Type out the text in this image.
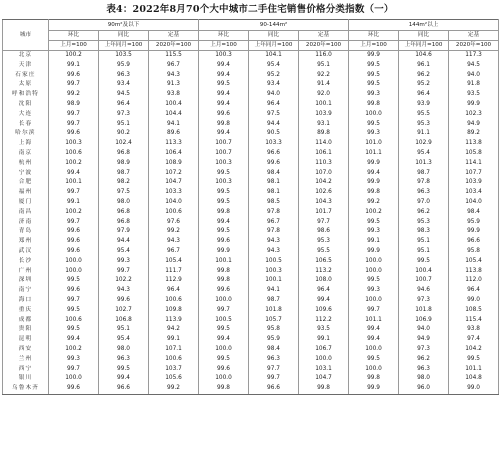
表4：2022年8月70个大中城市二手住宅销售价格分类指数（一）
城市	90m²及以下			90-144m²			144m²以上		
	环比	同比	定基	环比	同比	定基	环比	同比	定基
	上月=100	上年同月=100	2020年=100	上月=100	上年同月=100	2020年=100	上月=100	上年同月=100	2020年=100
北京	100.2	103.5	115.5	100.3	104.1	116.0	99.9	104.6	117.3
天津	99.1	95.9	96.7	99.4	95.4	95.1	99.5	96.1	94.5
石家庄	99.6	96.3	94.3	99.4	95.2	92.2	99.5	96.2	94.0
太原	99.7	93.4	91.3	99.5	93.4	91.4	99.5	95.2	91.8
呼和浩特	99.2	94.5	93.8	99.4	94.0	92.0	99.3	96.4	93.5
沈阳	98.9	96.4	100.4	99.4	96.4	100.1	99.8	93.9	99.9
大连	99.7	97.3	104.4	99.6	97.5	103.9	100.0	95.5	102.3
长春	99.7	95.1	94.1	99.8	94.4	93.1	99.5	95.3	94.9
哈尔滨	99.6	90.2	89.6	99.4	90.5	89.8	99.3	91.1	89.2
上海	100.3	102.4	113.3	100.7	103.3	114.0	101.0	102.9	113.8
南京	100.6	96.8	106.4	100.7	96.6	106.1	101.1	95.4	105.8
杭州	100.2	98.9	108.9	100.3	99.6	110.3	99.9	101.3	114.1
宁波	99.4	98.7	107.2	99.5	98.4	107.0	99.4	98.7	107.7
合肥	100.1	98.2	104.7	100.3	98.1	104.2	99.9	97.8	103.9
福州	99.7	97.5	103.3	99.5	98.1	102.6	99.8	96.3	103.4
厦门	99.1	98.0	104.0	99.5	98.5	104.3	99.2	97.0	104.0
南昌	100.2	96.8	100.6	99.8	97.8	101.7	100.2	96.2	98.4
济南	99.7	96.8	97.6	99.4	96.7	97.7	99.5	95.3	95.9
青岛	99.6	97.9	99.2	99.5	97.8	98.6	99.3	98.3	99.9
郑州	99.6	94.4	94.3	99.6	94.3	95.3	99.1	95.1	96.6
武汉	99.6	95.4	96.7	99.9	94.3	95.5	99.9	95.1	95.8
长沙	100.0	99.3	105.4	100.1	100.5	106.5	100.0	99.5	105.4
广州	100.0	99.7	111.7	99.8	100.3	113.2	100.0	100.4	113.8
深圳	99.5	102.2	112.9	99.8	100.1	108.0	99.5	100.7	112.0
南宁	99.6	94.3	96.4	99.6	94.1	96.4	99.3	94.6	96.4
海口	99.7	99.6	100.6	100.0	98.7	99.4	100.0	97.3	99.0
重庆	99.5	102.7	109.8	99.7	101.8	109.6	99.7	101.8	108.5
成都	100.6	106.8	113.9	100.5	105.7	112.2	101.1	106.9	115.4
贵阳	99.5	95.1	94.2	99.5	95.8	93.5	99.4	94.0	93.8
昆明	99.4	95.4	99.1	99.4	95.9	99.1	99.4	94.9	97.4
西安	100.2	98.0	107.1	100.0	98.4	106.7	100.0	97.3	104.2
兰州	99.3	96.3	100.6	99.5	96.3	100.0	99.5	96.2	99.5
西宁	99.7	99.5	103.7	99.6	97.7	103.1	100.0	96.3	101.1
银川	100.0	99.4	105.6	100.0	99.7	104.7	99.8	98.0	104.8
乌鲁木齐	99.6	96.6	99.2	99.8	96.6	99.8	99.9	96.0	99.0
